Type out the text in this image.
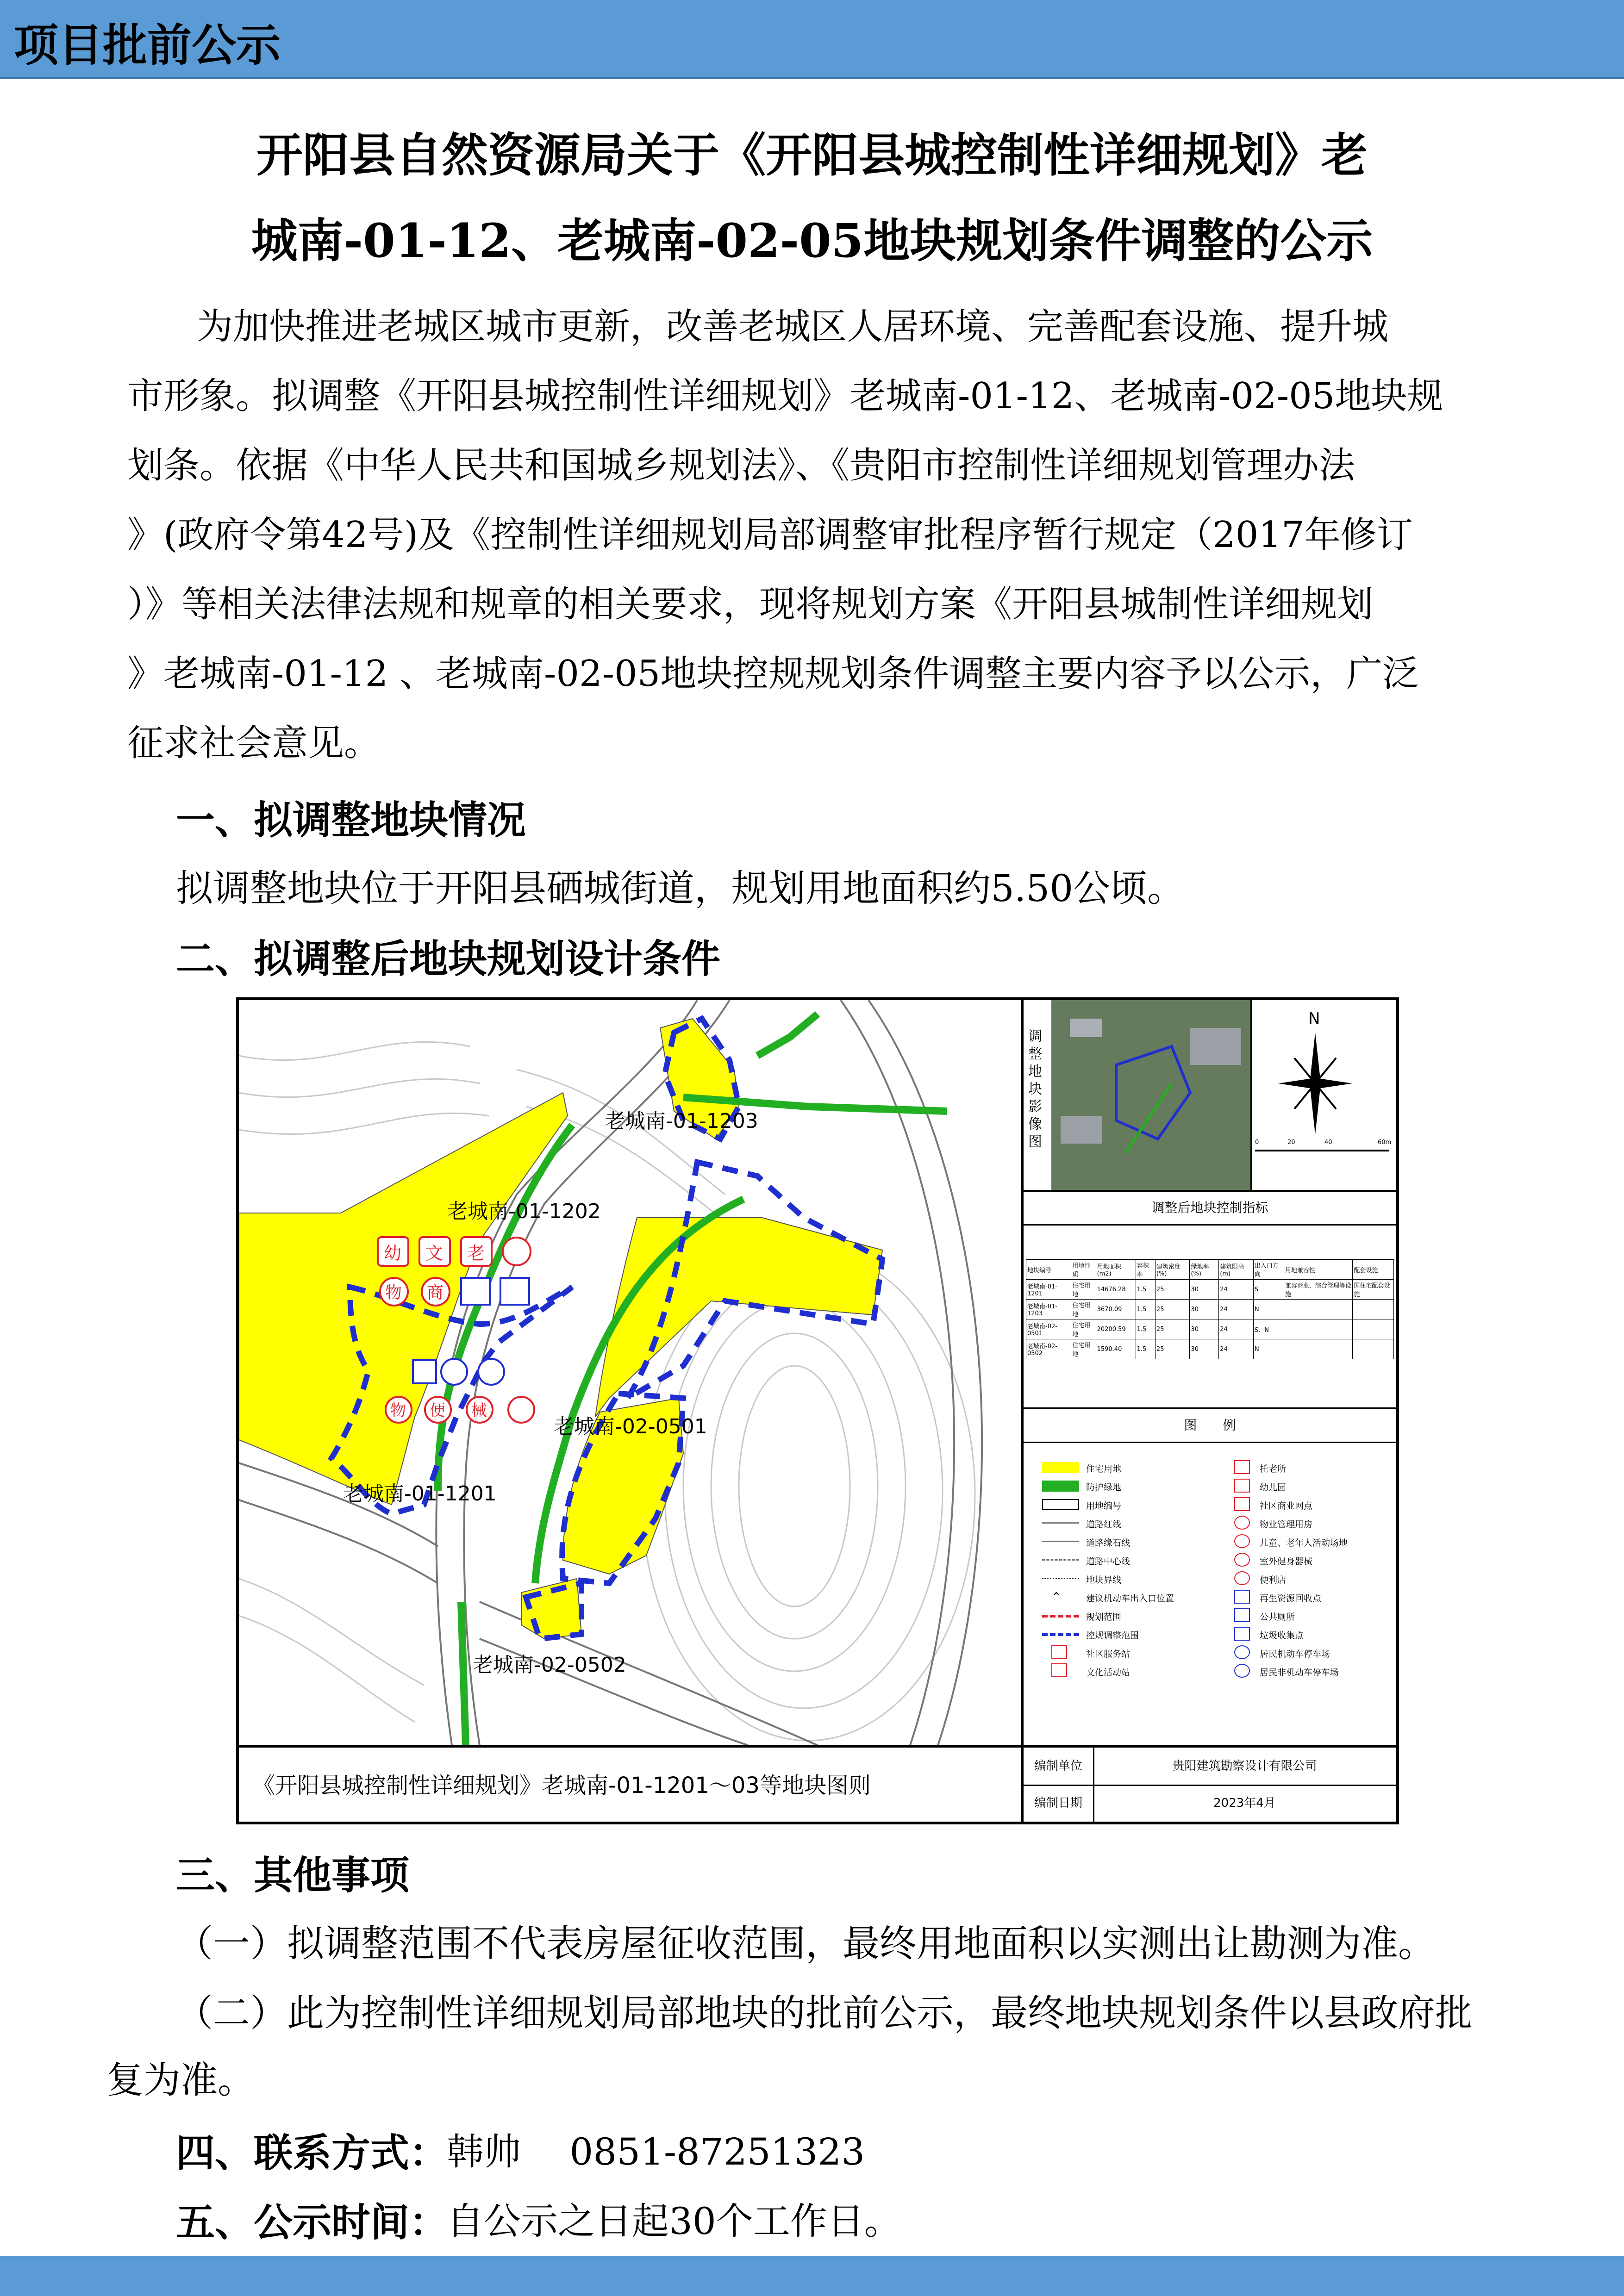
项目批前公示
开阳县自然资源局关于《开阳县城控制性详细规划》老
城南-01-12、老城南-02-05地块规划条件调整的公示
为加快推进老城区城市更新，改善老城区人居环境、完善配套设施、提升城
市形象。拟调整《开阳县城控制性详细规划》老城南-01-12、老城南-02-05地块规
划条。依据《中华人民共和国城乡规划法》、《贵阳市控制性详细规划管理办法
》(政府令第42号)及《控制性详细规划局部调整审批程序暂行规定（2017年修订
）》等相关法律法规和规章的相关要求，现将规划方案《开阳县城制性详细规划
》老城南-01-12 、老城南-02-05地块控规规划条件调整主要内容予以公示，广泛
征求社会意见。
一、拟调整地块情况
拟调整地块位于开阳县硒城街道，规划用地面积约5.50公顷。
二、拟调整后地块规划设计条件
幼 文 老
物 商
物 便 械
老城南-01-1203
老城南-01-1202
老城南-01-1201
老城南-02-0501
老城南-02-0502
《开阳县城控制性详细规划》老城南-01-1201～03等地块图则
调整地块影像图
N
0	20	40	60m
调整后地块控制指标
地块编号	用地性质	用地面积(m2)	容积率	建筑密度(%)	绿地率(%)	建筑限高(m)	出入口方向	用地兼容性	配套设施
老城南-01-1201	住宅用地	14676.28	1.5	25	30	24	S	兼容商业，综合管理等设施	国住宅配套设施
老城南-01-1203	住宅用地	3670.09	1.5	25	30	24	N		
老城南-02-0501	住宅用地	20200.59	1.5	25	30	24	S、N		
老城南-02-0502	住宅用地	1590.40	1.5	25	30	24	N		
图　　例
⌃
住宅用地
防护绿地
用地编号
道路红线
道路缘石线
道路中心线
地块界线
建议机动车出入口位置
规划范围
控规调整范围
社区服务站
文化活动站
托老所
幼儿园
社区商业网点
物业管理用房
儿童、老年人活动场地
室外健身器械
便利店
再生资源回收点
公共厕所
垃圾收集点
居民机动车停车场
居民非机动车停车场
编制单位	贵阳建筑勘察设计有限公司
编制日期	2023年4月
三、其他事项
（一）拟调整范围不代表房屋征收范围，最终用地面积以实测出让勘测为准。
（二）此为控制性详细规划局部地块的批前公示，最终地块规划条件以县政府批
复为准。
四、联系方式：
韩帅　 0851-87251323
五、公示时间：
自公示之日起30个工作日。
